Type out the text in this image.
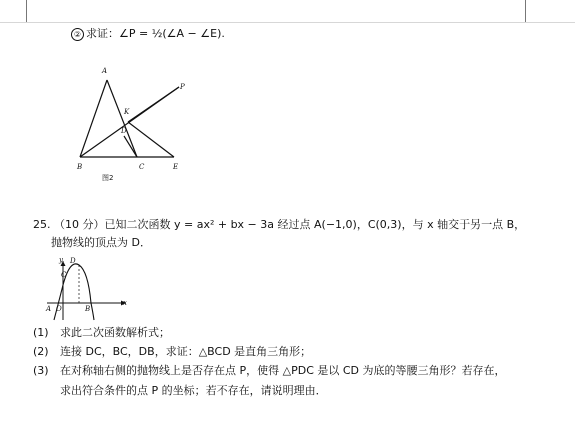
② 求证：∠P = ½(∠A − ∠E).
A
P
K
D
B	C	E
图2
25. （10 分）已知二次函数 y = ax² + bx − 3a 经过点 A(−1,0)，C(0,3)，与 x 轴交于另一点 B，
抛物线的顶点为 D．
y D
C
A O	B
x
(1) 求此二次函数解析式；
(2) 连接 DC，BC，DB，求证：△BCD 是直角三角形；
(3) 在对称轴右侧的抛物线上是否存在点 P，使得 △PDC 是以 CD 为底的等腰三角形？若存在，
求出符合条件的点 P 的坐标；若不存在，请说明理由．
